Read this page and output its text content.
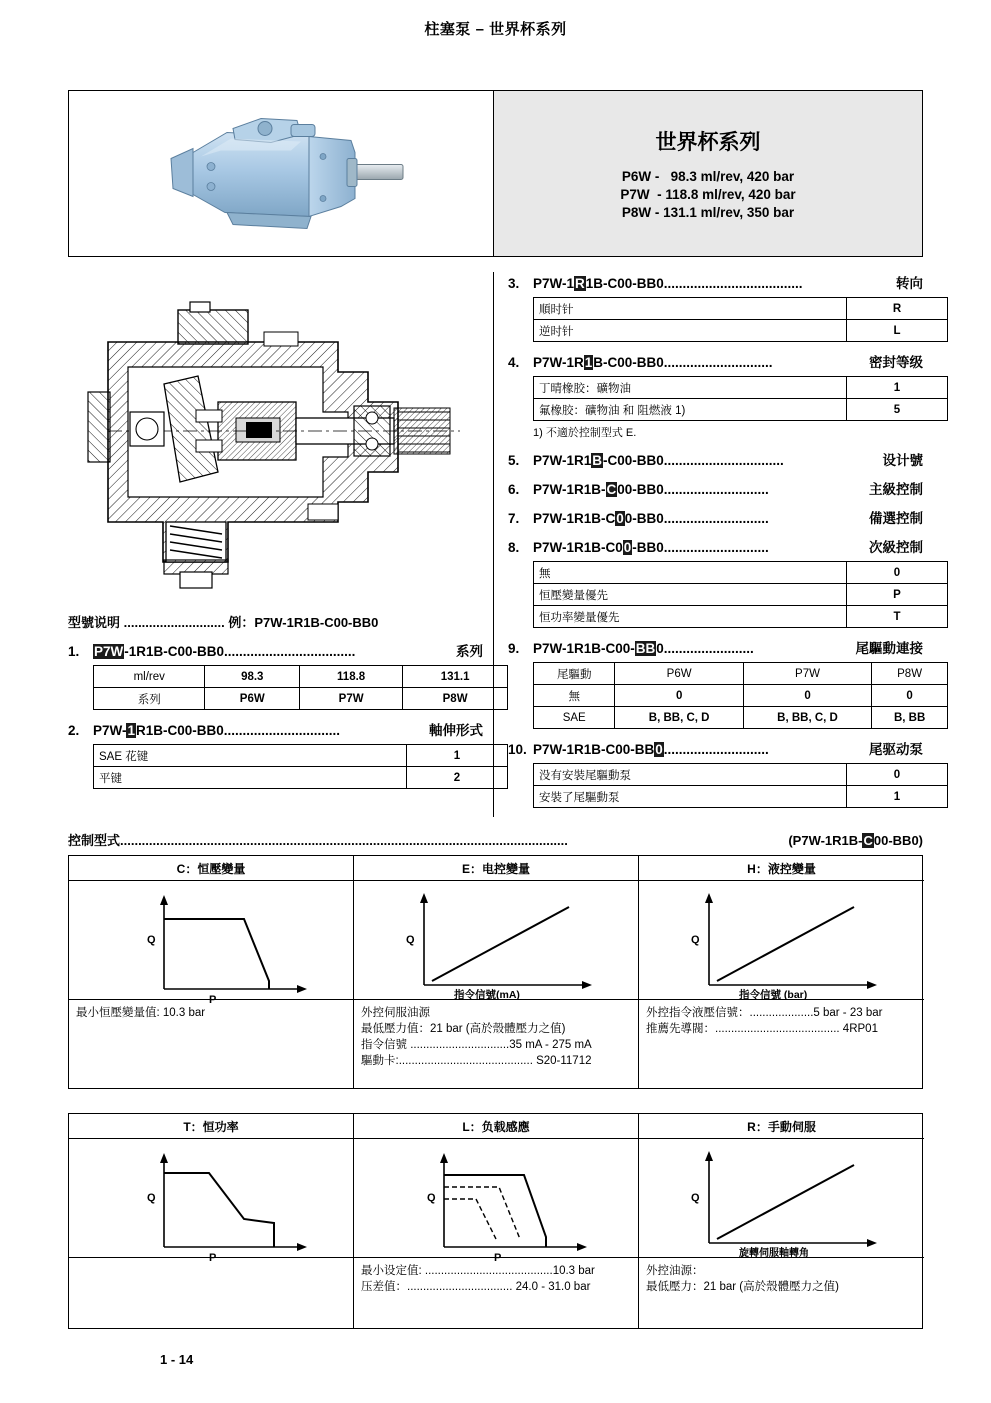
柱塞泵 – 世界杯系列
世界杯系列
P6W -   98.3 ml/rev, 420 bar
P7W  - 118.8 ml/rev, 420 bar
P8W - 131.1 ml/rev, 350 bar
型號说明 ............................ 例：P7W-1R1B-C00-BB0
1.	P7W-1R1B-C00-BB0 ...................................	系列
ml/rev	98.3	118.8	131.1
系列	P6W	P7W	P8W
2.	P7W-1R1B-C00-BB0 ...............................	軸伸形式
SAE 花键	1
平键	2
3.	P7W-1R1B-C00-BB0 .....................................	转向
順时针	R
逆时针	L
4.	P7W-1R1B-C00-BB0 .............................	密封等级
丁晴橡胶：礦物油	1
氟橡胶：礦物油 和 阻燃液 1)	5
1) 不適於控制型式 E.
5.	P7W-1R1B-C00-BB0 ................................	设计號
6.	P7W-1R1B-C00-BB0 ............................	主級控制
7.	P7W-1R1B-C00-BB0 ............................	備選控制
8.	P7W-1R1B-C00-BB0 ............................	次級控制
無	0
恒壓變量優先	P
恒功率變量優先	T
9.	P7W-1R1B-C00-BB0 ........................	尾驅動連接
尾驅動	P6W	P7W	P8W
無	0	0	0
SAE	B, BB, C, D	B, BB, C, D	B, BB
10. P7W-1R1B-C00-BB0 ............................	尾驱动泵
没有安裝尾驅動泵	0
安裝了尾驅動泵	1
控制型式 ............................................................................................................................	(P7W-1R1B-C00-BB0)
C：恒壓變量
Q
P
最小恒壓變量值: 10.3 bar
E：电控變量
Q
指令信號(mA)
外控伺服油源
最低壓力值：21 bar (高於殼體壓力之值)
指令信號 ...............................35 mA - 275 mA
驅動卡:.......................................... S20-11712
H：液控變量
Q
指令信號 (bar)
外控指令液壓信號：....................5 bar - 23 bar
推薦先導閥：....................................... 4RP01
T：恒功率
Q
P
L：负载感應
Q
P
最小设定值: ........................................10.3 bar
压差值：................................. 24.0 - 31.0 bar
R：手動伺服
Q
旋轉伺服軸轉角
外控油源：
最低壓力：21 bar (高於殼體壓力之值)
1 - 14
